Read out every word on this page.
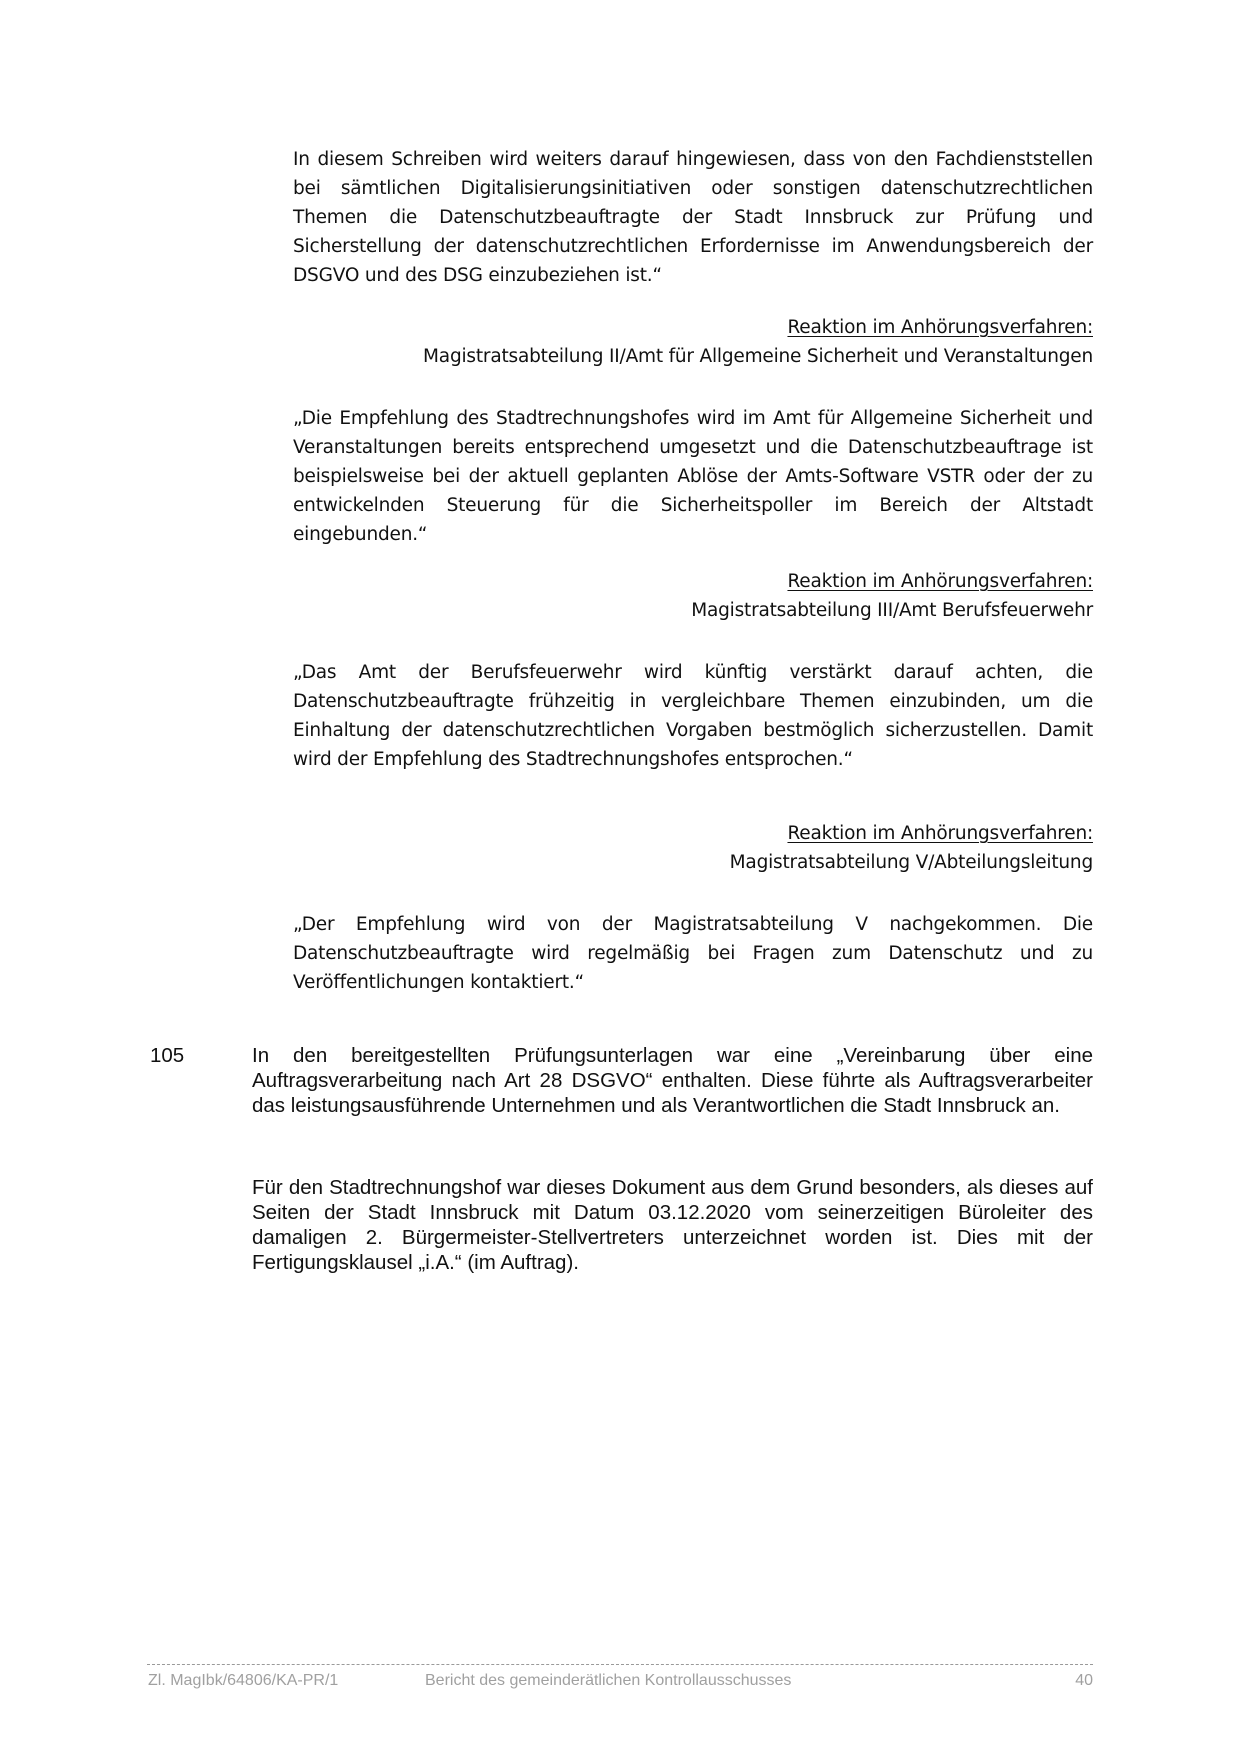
In diesem Schreiben wird weiters darauf hingewiesen, dass von den Fachdienststellen bei sämtlichen Digitalisierungsinitiativen oder sonstigen datenschutzrechtlichen Themen die Datenschutzbeauftragte der Stadt Innsbruck zur Prüfung und Sicherstellung der datenschutzrechtlichen Erfordernisse im Anwendungsbereich der DSGVO und des DSG einzubeziehen ist.“

Reaktion im Anhörungsverfahren:
Magistratsabteilung II/Amt für Allgemeine Sicherheit und Veranstaltungen

„Die Empfehlung des Stadtrechnungshofes wird im Amt für Allgemeine Sicherheit und Veranstaltungen bereits entsprechend umgesetzt und die Datenschutzbeauftrage ist beispielsweise bei der aktuell geplanten Ablöse der Amts-Software VSTR oder der zu entwickelnden Steuerung für die Sicherheitspoller im Bereich der Altstadt eingebunden.“

Reaktion im Anhörungsverfahren:
Magistratsabteilung III/Amt Berufsfeuerwehr

„Das Amt der Berufsfeuerwehr wird künftig verstärkt darauf achten, die Datenschutzbeauftragte frühzeitig in vergleichbare Themen einzubinden, um die Einhaltung der datenschutzrechtlichen Vorgaben bestmöglich sicherzustellen. Damit wird der Empfehlung des Stadtrechnungshofes entsprochen.“

Reaktion im Anhörungsverfahren:
Magistratsabteilung V/Abteilungsleitung

„Der Empfehlung wird von der Magistratsabteilung V nachgekommen. Die Datenschutzbeauftragte wird regelmäßig bei Fragen zum Datenschutz und zu Veröffentlichungen kontaktiert.“

105	In den bereitgestellten Prüfungsunterlagen war eine „Vereinbarung über eine Auftragsverarbeitung nach Art 28 DSGVO“ enthalten. Diese führte als Auftragsverarbeiter das leistungsausführende Unternehmen und als Verantwortlichen die Stadt Innsbruck an.

Für den Stadtrechnungshof war dieses Dokument aus dem Grund besonders, als dieses auf Seiten der Stadt Innsbruck mit Datum 03.12.2020 vom seinerzeitigen Büroleiter des damaligen 2. Bürgermeister-Stellvertreters unterzeichnet worden ist. Dies mit der Fertigungsklausel „i.A.“ (im Auftrag).

Zl. MagIbk/64806/KA-PR/1	Bericht des gemeinderätlichen Kontrollausschusses	40
